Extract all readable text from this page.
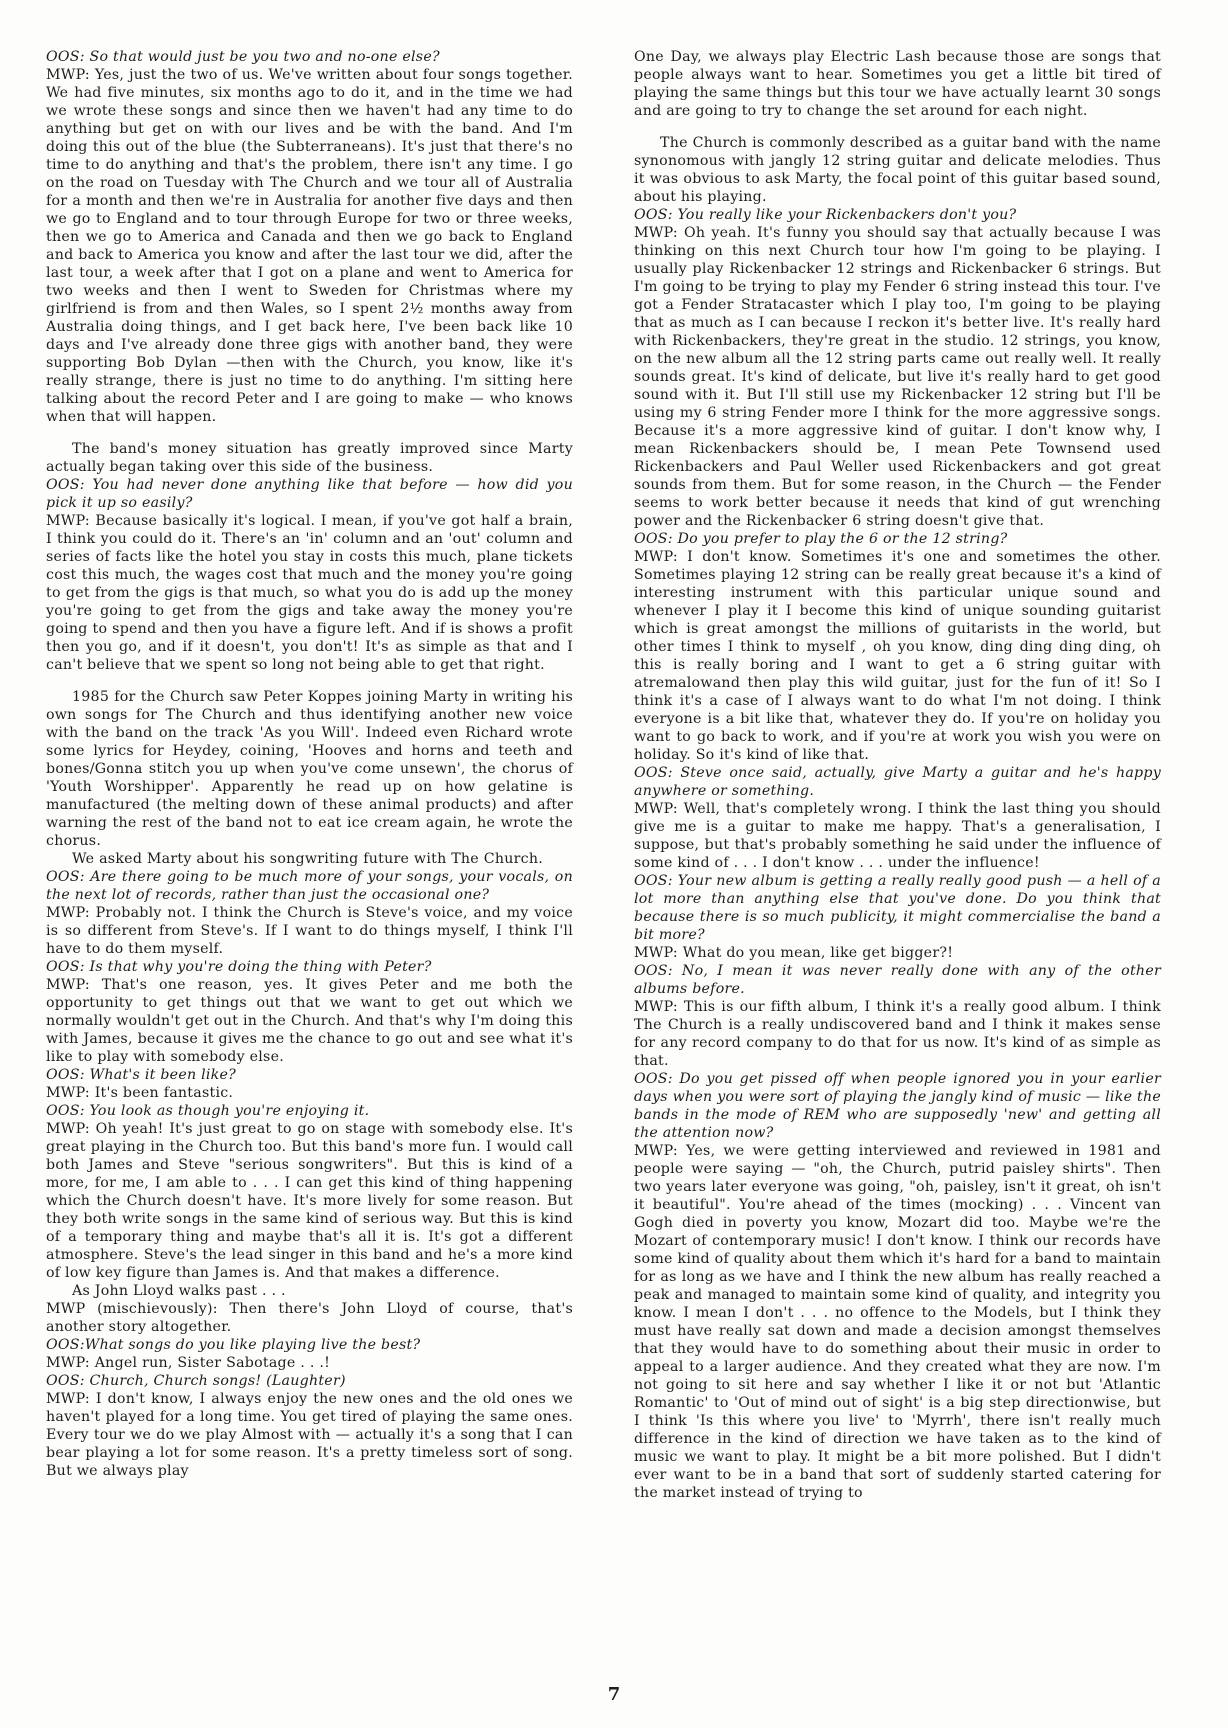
OOS: So that would just be you two and no-one else?

MWP: Yes, just the two of us. We've written about four songs together. We had five minutes, six months ago to do it, and in the time we had we wrote these songs and since then we haven't had any time to do anything but get on with our lives and be with the band. And I'm doing this out of the blue (the Subterraneans). It's just that there's no time to do anything and that's the problem, there isn't any time. I go on the road on Tuesday with The Church and we tour all of Australia for a month and then we're in Australia for another five days and then we go to England and to tour through Europe for two or three weeks, then we go to America and Canada and then we go back to England and back to America you know and after the last tour we did, after the last tour, a week after that I got on a plane and went to America for two weeks and then I went to Sweden for Christmas where my girlfriend is from and then Wales, so I spent 2½ months away from Australia doing things, and I get back here, I've been back like 10 days and I've already done three gigs with another band, they were supporting Bob Dylan —then with the Church, you know, like it's really strange, there is just no time to do anything. I'm sitting here talking about the record Peter and I are going to make — who knows when that will happen.

The band's money situation has greatly improved since Marty actually began taking over this side of the business.

OOS: You had never done anything like that before — how did you pick it up so easily?

MWP: Because basically it's logical. I mean, if you've got half a brain, I think you could do it. There's an 'in' column and an 'out' column and series of facts like the hotel you stay in costs this much, plane tickets cost this much, the wages cost that much and the money you're going to get from the gigs is that much, so what you do is add up the money you're going to get from the gigs and take away the money you're going to spend and then you have a figure left. And if is shows a profit then you go, and if it doesn't, you don't! It's as simple as that and I can't believe that we spent so long not being able to get that right.

1985 for the Church saw Peter Koppes joining Marty in writing his own songs for The Church and thus identifying another new voice with the band on the track 'As you Will'. Indeed even Richard wrote some lyrics for Heydey, coining, 'Hooves and horns and teeth and bones/Gonna stitch you up when you've come unsewn', the chorus of 'Youth Worshipper'. Apparently he read up on how gelatine is manufactured (the melting down of these animal products) and after warning the rest of the band not to eat ice cream again, he wrote the chorus.

We asked Marty about his songwriting future with The Church.

OOS: Are there going to be much more of your songs, your vocals, on the next lot of records, rather than just the occasional one?

MWP: Probably not. I think the Church is Steve's voice, and my voice is so different from Steve's. If I want to do things myself, I think I'll have to do them myself.

OOS: Is that why you're doing the thing with Peter?

MWP: That's one reason, yes. It gives Peter and me both the opportunity to get things out that we want to get out which we normally wouldn't get out in the Church. And that's why I'm doing this with James, because it gives me the chance to go out and see what it's like to play with somebody else.

OOS: What's it been like?

MWP: It's been fantastic.

OOS: You look as though you're enjoying it.

MWP: Oh yeah! It's just great to go on stage with somebody else. It's great playing in the Church too. But this band's more fun. I would call both James and Steve "serious songwriters". But this is kind of a more, for me, I am able to . . . I can get this kind of thing happening which the Church doesn't have. It's more lively for some reason. But they both write songs in the same kind of serious way. But this is kind of a temporary thing and maybe that's all it is. It's got a different atmosphere. Steve's the lead singer in this band and he's a more kind of low key figure than James is. And that makes a difference.

As John Lloyd walks past . . .

MWP (mischievously): Then there's John Lloyd of course, that's another story altogether.

OOS:What songs do you like playing live the best?

MWP: Angel run, Sister Sabotage . . .!

OOS: Church, Church songs! (Laughter)

MWP: I don't know, I always enjoy the new ones and the old ones we haven't played for a long time. You get tired of playing the same ones. Every tour we do we play Almost with — actually it's a song that I can bear playing a lot for some reason. It's a pretty timeless sort of song. But we always play

One Day, we always play Electric Lash because those are songs that people always want to hear. Sometimes you get a little bit tired of playing the same things but this tour we have actually learnt 30 songs and are going to try to change the set around for each night.

The Church is commonly described as a guitar band with the name synonomous with jangly 12 string guitar and delicate melodies. Thus it was obvious to ask Marty, the focal point of this guitar based sound, about his playing.

OOS: You really like your Rickenbackers don't you?

MWP: Oh yeah. It's funny you should say that actually because I was thinking on this next Church tour how I'm going to be playing. I usually play Rickenbacker 12 strings and Rickenbacker 6 strings. But I'm going to be trying to play my Fender 6 string instead this tour. I've got a Fender Stratacaster which I play too, I'm going to be playing that as much as I can because I reckon it's better live. It's really hard with Rickenbackers, they're great in the studio. 12 strings, you know, on the new album all the 12 string parts came out really well. It really sounds great. It's kind of delicate, but live it's really hard to get good sound with it. But I'll still use my Rickenbacker 12 string but I'll be using my 6 string Fender more I think for the more aggressive songs. Because it's a more aggressive kind of guitar. I don't know why, I mean Rickenbackers should be, I mean Pete Townsend used Rickenbackers and Paul Weller used Rickenbackers and got great sounds from them. But for some reason, in the Church — the Fender seems to work better because it needs that kind of gut wrenching power and the Rickenbacker 6 string doesn't give that.

OOS: Do you prefer to play the 6 or the 12 string?

MWP: I don't know. Sometimes it's one and sometimes the other. Sometimes playing 12 string can be really great because it's a kind of interesting instrument with this particular unique sound and whenever I play it I become this kind of unique sounding guitarist which is great amongst the millions of guitarists in the world, but other times I think to myself , oh you know, ding ding ding ding, oh this is really boring and I want to get a 6 string guitar with atremalowand then play this wild guitar, just for the fun of it! So I think it's a case of I always want to do what I'm not doing. I think everyone is a bit like that, whatever they do. If you're on holiday you want to go back to work, and if you're at work you wish you were on holiday. So it's kind of like that.

OOS: Steve once said, actually, give Marty a guitar and he's happy anywhere or something.

MWP: Well, that's completely wrong. I think the last thing you should give me is a guitar to make me happy. That's a generalisation, I suppose, but that's probably something he said under the influence of some kind of . . . I don't know . . . under the influence!

OOS: Your new album is getting a really really good push — a hell of a lot more than anything else that you've done. Do you think that because there is so much publicity, it might commercialise the band a bit more?

MWP: What do you mean, like get bigger?!

OOS: No, I mean it was never really done with any of the other albums before.

MWP: This is our fifth album, I think it's a really good album. I think The Church is a really undiscovered band and I think it makes sense for any record company to do that for us now. It's kind of as simple as that.

OOS: Do you get pissed off when people ignored you in your earlier days when you were sort of playing the jangly kind of music — like the bands in the mode of REM who are supposedly 'new' and getting all the attention now?

MWP: Yes, we were getting interviewed and reviewed in 1981 and people were saying — "oh, the Church, putrid paisley shirts". Then two years later everyone was going, "oh, paisley, isn't it great, oh isn't it beautiful". You're ahead of the times (mocking) . . . Vincent van Gogh died in poverty you know, Mozart did too. Maybe we're the Mozart of contemporary music! I don't know. I think our records have some kind of quality about them which it's hard for a band to maintain for as long as we have and I think the new album has really reached a peak and managed to maintain some kind of quality, and integrity you know. I mean I don't . . . no offence to the Models, but I think they must have really sat down and made a decision amongst themselves that they would have to do something about their music in order to appeal to a larger audience. And they created what they are now. I'm not going to sit here and say whether I like it or not but 'Atlantic Romantic' to 'Out of mind out of sight' is a big step directionwise, but I think 'Is this where you live' to 'Myrrh', there isn't really much difference in the kind of direction we have taken as to the kind of music we want to play. It might be a bit more polished. But I didn't ever want to be in a band that sort of suddenly started catering for the market instead of trying to

7
